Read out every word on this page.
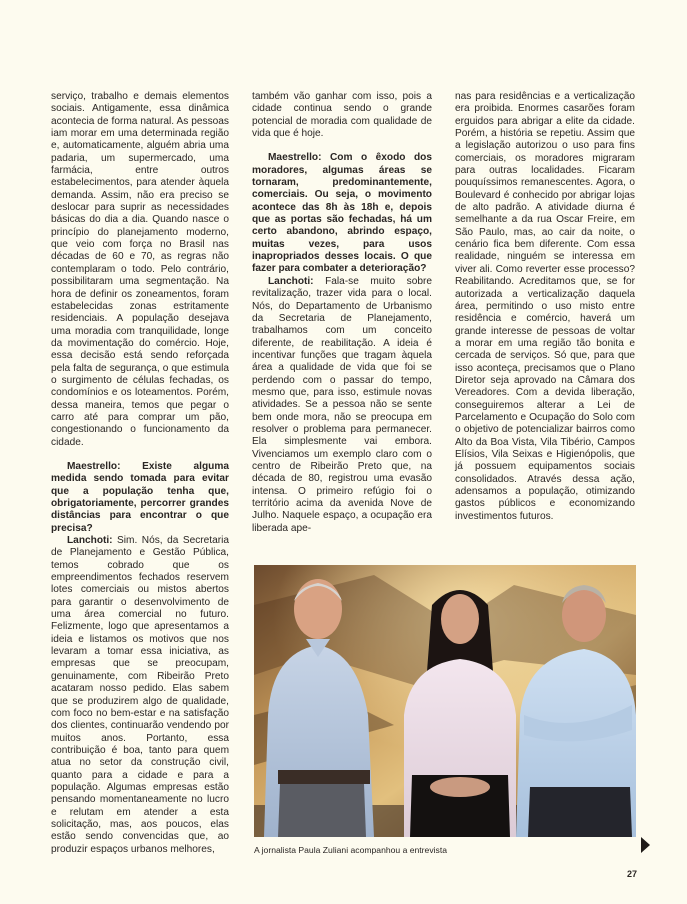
serviço, trabalho e demais elementos sociais. Antigamente, essa dinâmica acontecia de forma natural. As pessoas iam morar em uma determinada região e, automaticamente, alguém abria uma padaria, um supermercado, uma farmácia, entre outros estabelecimentos, para atender àquela demanda. Assim, não era preciso se deslocar para suprir as necessidades básicas do dia a dia. Quando nasce o princípio do planejamento moderno, que veio com força no Brasil nas décadas de 60 e 70, as regras não contemplaram o todo. Pelo contrário, possibilitaram uma segmentação. Na hora de definir os zoneamentos, foram estabelecidas zonas estritamente residenciais. A população desejava uma moradia com tranquilidade, longe da movimentação do comércio. Hoje, essa decisão está sendo reforçada pela falta de segurança, o que estimula o surgimento de células fechadas, os condomínios e os loteamentos. Porém, dessa maneira, temos que pegar o carro até para comprar um pão, congestionando o funcionamento da cidade.

Maestrello: Existe alguma medida sendo tomada para evitar que a população tenha que, obrigatoriamente, percorrer grandes distâncias para encontrar o que precisa?

Lanchoti: Sim. Nós, da Secretaria de Planejamento e Gestão Pública, temos cobrado que os empreendimentos fechados reservem lotes comerciais ou mistos abertos para garantir o desenvolvimento de uma área comercial no futuro. Felizmente, logo que apresentamos a ideia e listamos os motivos que nos levaram a tomar essa iniciativa, as empresas que se preocupam, genuinamente, com Ribeirão Preto acataram nosso pedido. Elas sabem que se produzirem algo de qualidade, com foco no bem-estar e na satisfação dos clientes, continuarão vendendo por muitos anos. Portanto, essa contribuição é boa, tanto para quem atua no setor da construção civil, quanto para a cidade e para a população. Algumas empresas estão pensando momentaneamente no lucro e relutam em atender a esta solicitação, mas, aos poucos, elas estão sendo convencidas que, ao produzir espaços urbanos melhores,

também vão ganhar com isso, pois a cidade continua sendo o grande potencial de moradia com qualidade de vida que é hoje.

Maestrello: Com o êxodo dos moradores, algumas áreas se tornaram, predominantemente, comerciais. Ou seja, o movimento acontece das 8h às 18h e, depois que as portas são fechadas, há um certo abandono, abrindo espaço, muitas vezes, para usos inapropriados desses locais. O que fazer para combater a deterioração?

Lanchoti: Fala-se muito sobre revitalização, trazer vida para o local. Nós, do Departamento de Urbanismo da Secretaria de Planejamento, trabalhamos com um conceito diferente, de reabilitação. A ideia é incentivar funções que tragam àquela área a qualidade de vida que foi se perdendo com o passar do tempo, mesmo que, para isso, estimule novas atividades. Se a pessoa não se sente bem onde mora, não se preocupa em resolver o problema para permanecer. Ela simplesmente vai embora. Vivenciamos um exemplo claro com o centro de Ribeirão Preto que, na década de 80, registrou uma evasão intensa. O primeiro refúgio foi o território acima da avenida Nove de Julho. Naquele espaço, a ocupação era liberada ape-

nas para residências e a verticalização era proibida. Enormes casarões foram erguidos para abrigar a elite da cidade. Porém, a história se repetiu. Assim que a legislação autorizou o uso para fins comerciais, os moradores migraram para outras localidades. Ficaram pouquíssimos remanescentes. Agora, o Boulevard é conhecido por abrigar lojas de alto padrão. A atividade diurna é semelhante a da rua Oscar Freire, em São Paulo, mas, ao cair da noite, o cenário fica bem diferente. Com essa realidade, ninguém se interessa em viver ali. Como reverter esse processo? Reabilitando. Acreditamos que, se for autorizada a verticalização daquela área, permitindo o uso misto entre residência e comércio, haverá um grande interesse de pessoas de voltar a morar em uma região tão bonita e cercada de serviços. Só que, para que isso aconteça, precisamos que o Plano Diretor seja aprovado na Câmara dos Vereadores. Com a devida liberação, conseguiremos alterar a Lei de Parcelamento e Ocupação do Solo com o objetivo de potencializar bairros como Alto da Boa Vista, Vila Tibério, Campos Elísios, Vila Seixas e Higienópolis, que já possuem equipamentos sociais consolidados. Através dessa ação, adensamos a população, otimizando gastos públicos e economizando investimentos futuros.

A jornalista Paula Zuliani acompanhou a entrevista
27
